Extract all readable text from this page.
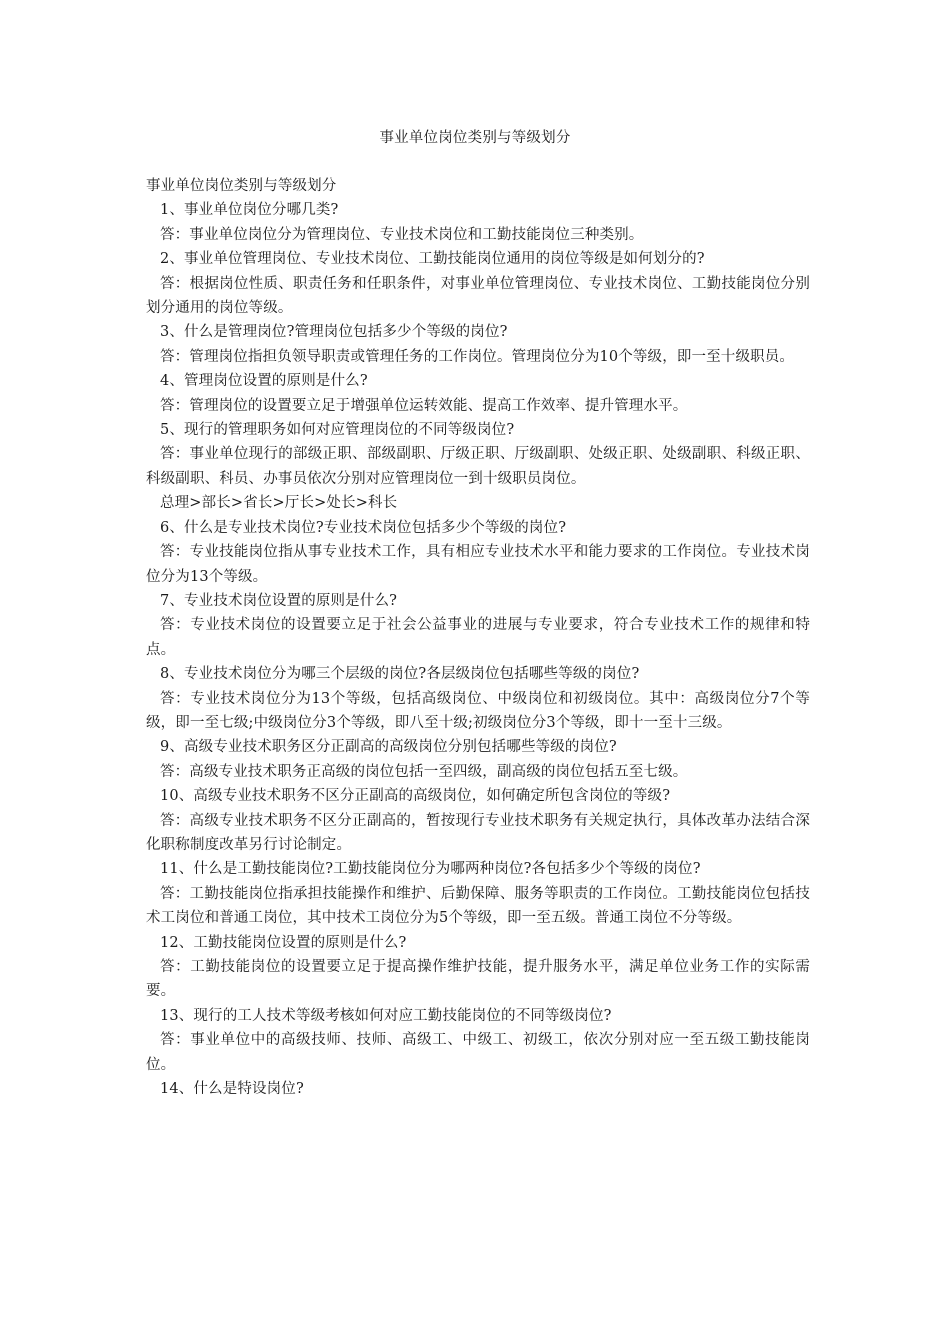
事业单位岗位类别与等级划分

事业单位岗位类别与等级划分

1、事业单位岗位分哪几类?

答：事业单位岗位分为管理岗位、专业技术岗位和工勤技能岗位三种类别。

2、事业单位管理岗位、专业技术岗位、工勤技能岗位通用的岗位等级是如何划分的?

答：根据岗位性质、职责任务和任职条件，对事业单位管理岗位、专业技术岗位、工勤技能岗位分别划分通用的岗位等级。

3、什么是管理岗位?管理岗位包括多少个等级的岗位?

答：管理岗位指担负领导职责或管理任务的工作岗位。管理岗位分为10个等级，即一至十级职员。

4、管理岗位设置的原则是什么?

答：管理岗位的设置要立足于增强单位运转效能、提高工作效率、提升管理水平。

5、现行的管理职务如何对应管理岗位的不同等级岗位?

答：事业单位现行的部级正职、部级副职、厅级正职、厅级副职、处级正职、处级副职、科级正职、科级副职、科员、办事员依次分别对应管理岗位一到十级职员岗位。

总理>部长>省长>厅长>处长>科长

6、什么是专业技术岗位?专业技术岗位包括多少个等级的岗位?

答：专业技能岗位指从事专业技术工作，具有相应专业技术水平和能力要求的工作岗位。专业技术岗位分为13个等级。

7、专业技术岗位设置的原则是什么?

答：专业技术岗位的设置要立足于社会公益事业的进展与专业要求，符合专业技术工作的规律和特点。

8、专业技术岗位分为哪三个层级的岗位?各层级岗位包括哪些等级的岗位?

答：专业技术岗位分为13个等级，包括高级岗位、中级岗位和初级岗位。其中：高级岗位分7个等级，即一至七级;中级岗位分3个等级，即八至十级;初级岗位分3个等级，即十一至十三级。

9、高级专业技术职务区分正副高的高级岗位分别包括哪些等级的岗位?

答：高级专业技术职务正高级的岗位包括一至四级，副高级的岗位包括五至七级。

10、高级专业技术职务不区分正副高的高级岗位，如何确定所包含岗位的等级?

答：高级专业技术职务不区分正副高的，暂按现行专业技术职务有关规定执行，具体改革办法结合深化职称制度改革另行讨论制定。

11、什么是工勤技能岗位?工勤技能岗位分为哪两种岗位?各包括多少个等级的岗位?

答：工勤技能岗位指承担技能操作和维护、后勤保障、服务等职责的工作岗位。工勤技能岗位包括技术工岗位和普通工岗位，其中技术工岗位分为5个等级，即一至五级。普通工岗位不分等级。

12、工勤技能岗位设置的原则是什么?

答：工勤技能岗位的设置要立足于提高操作维护技能，提升服务水平，满足单位业务工作的实际需要。

13、现行的工人技术等级考核如何对应工勤技能岗位的不同等级岗位?

答：事业单位中的高级技师、技师、高级工、中级工、初级工，依次分别对应一至五级工勤技能岗位。

14、什么是特设岗位?
